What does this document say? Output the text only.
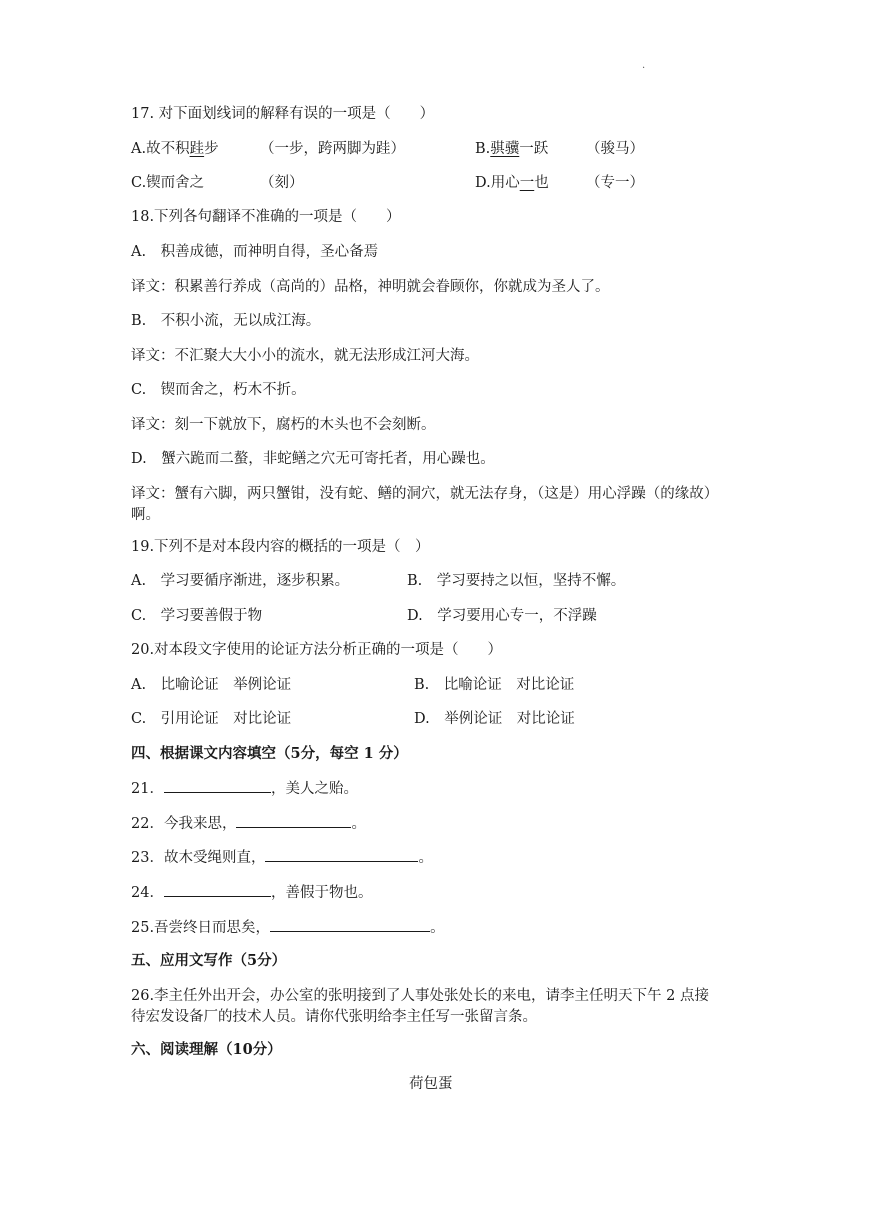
.
17. 对下面划线词的解释有误的一项是（　　）
A.故不积跬步	（一步，跨两脚为跬）	B.骐骥一跃	（骏马）
C.锲而舍之	（刻）	D.用心一也	（专一）
18.下列各句翻译不准确的一项是（　　）
A.　积善成德，而神明自得，圣心备焉
译文：积累善行养成（高尚的）品格，神明就会眷顾你，你就成为圣人了。
B.　不积小流，无以成江海。
译文：不汇聚大大小小的流水，就无法形成江河大海。
C.　锲而舍之，朽木不折。
译文：刻一下就放下，腐朽的木头也不会刻断。
D.　蟹六跪而二螯，非蛇鳝之穴无可寄托者，用心躁也。
译文：蟹有六脚，两只蟹钳，没有蛇、鳝的洞穴，就无法存身，（这是）用心浮躁（的缘故）
啊。
19.下列不是对本段内容的概括的一项是（　）
A.　学习要循序渐进，逐步积累。	B.　学习要持之以恒，坚持不懈。
C.　学习要善假于物	D.　学习要用心专一，不浮躁
20.对本段文字使用的论证方法分析正确的一项是（　　）
A.　比喻论证　举例论证	B.　比喻论证　对比论证
C.　引用论证　对比论证	D.　举例论证　对比论证
四、根据课文内容填空（5分，每空 1 分）
21．	，美人之贻。
22．今我来思，	。
23．故木受绳则直，	。
24．	，善假于物也。
25.吾尝终日而思矣，	。
五、应用文写作（5分）
26.李主任外出开会，办公室的张明接到了人事处张处长的来电，请李主任明天下午 2 点接
待宏发设备厂的技术人员。请你代张明给李主任写一张留言条。
六、阅读理解（10分）
荷包蛋
